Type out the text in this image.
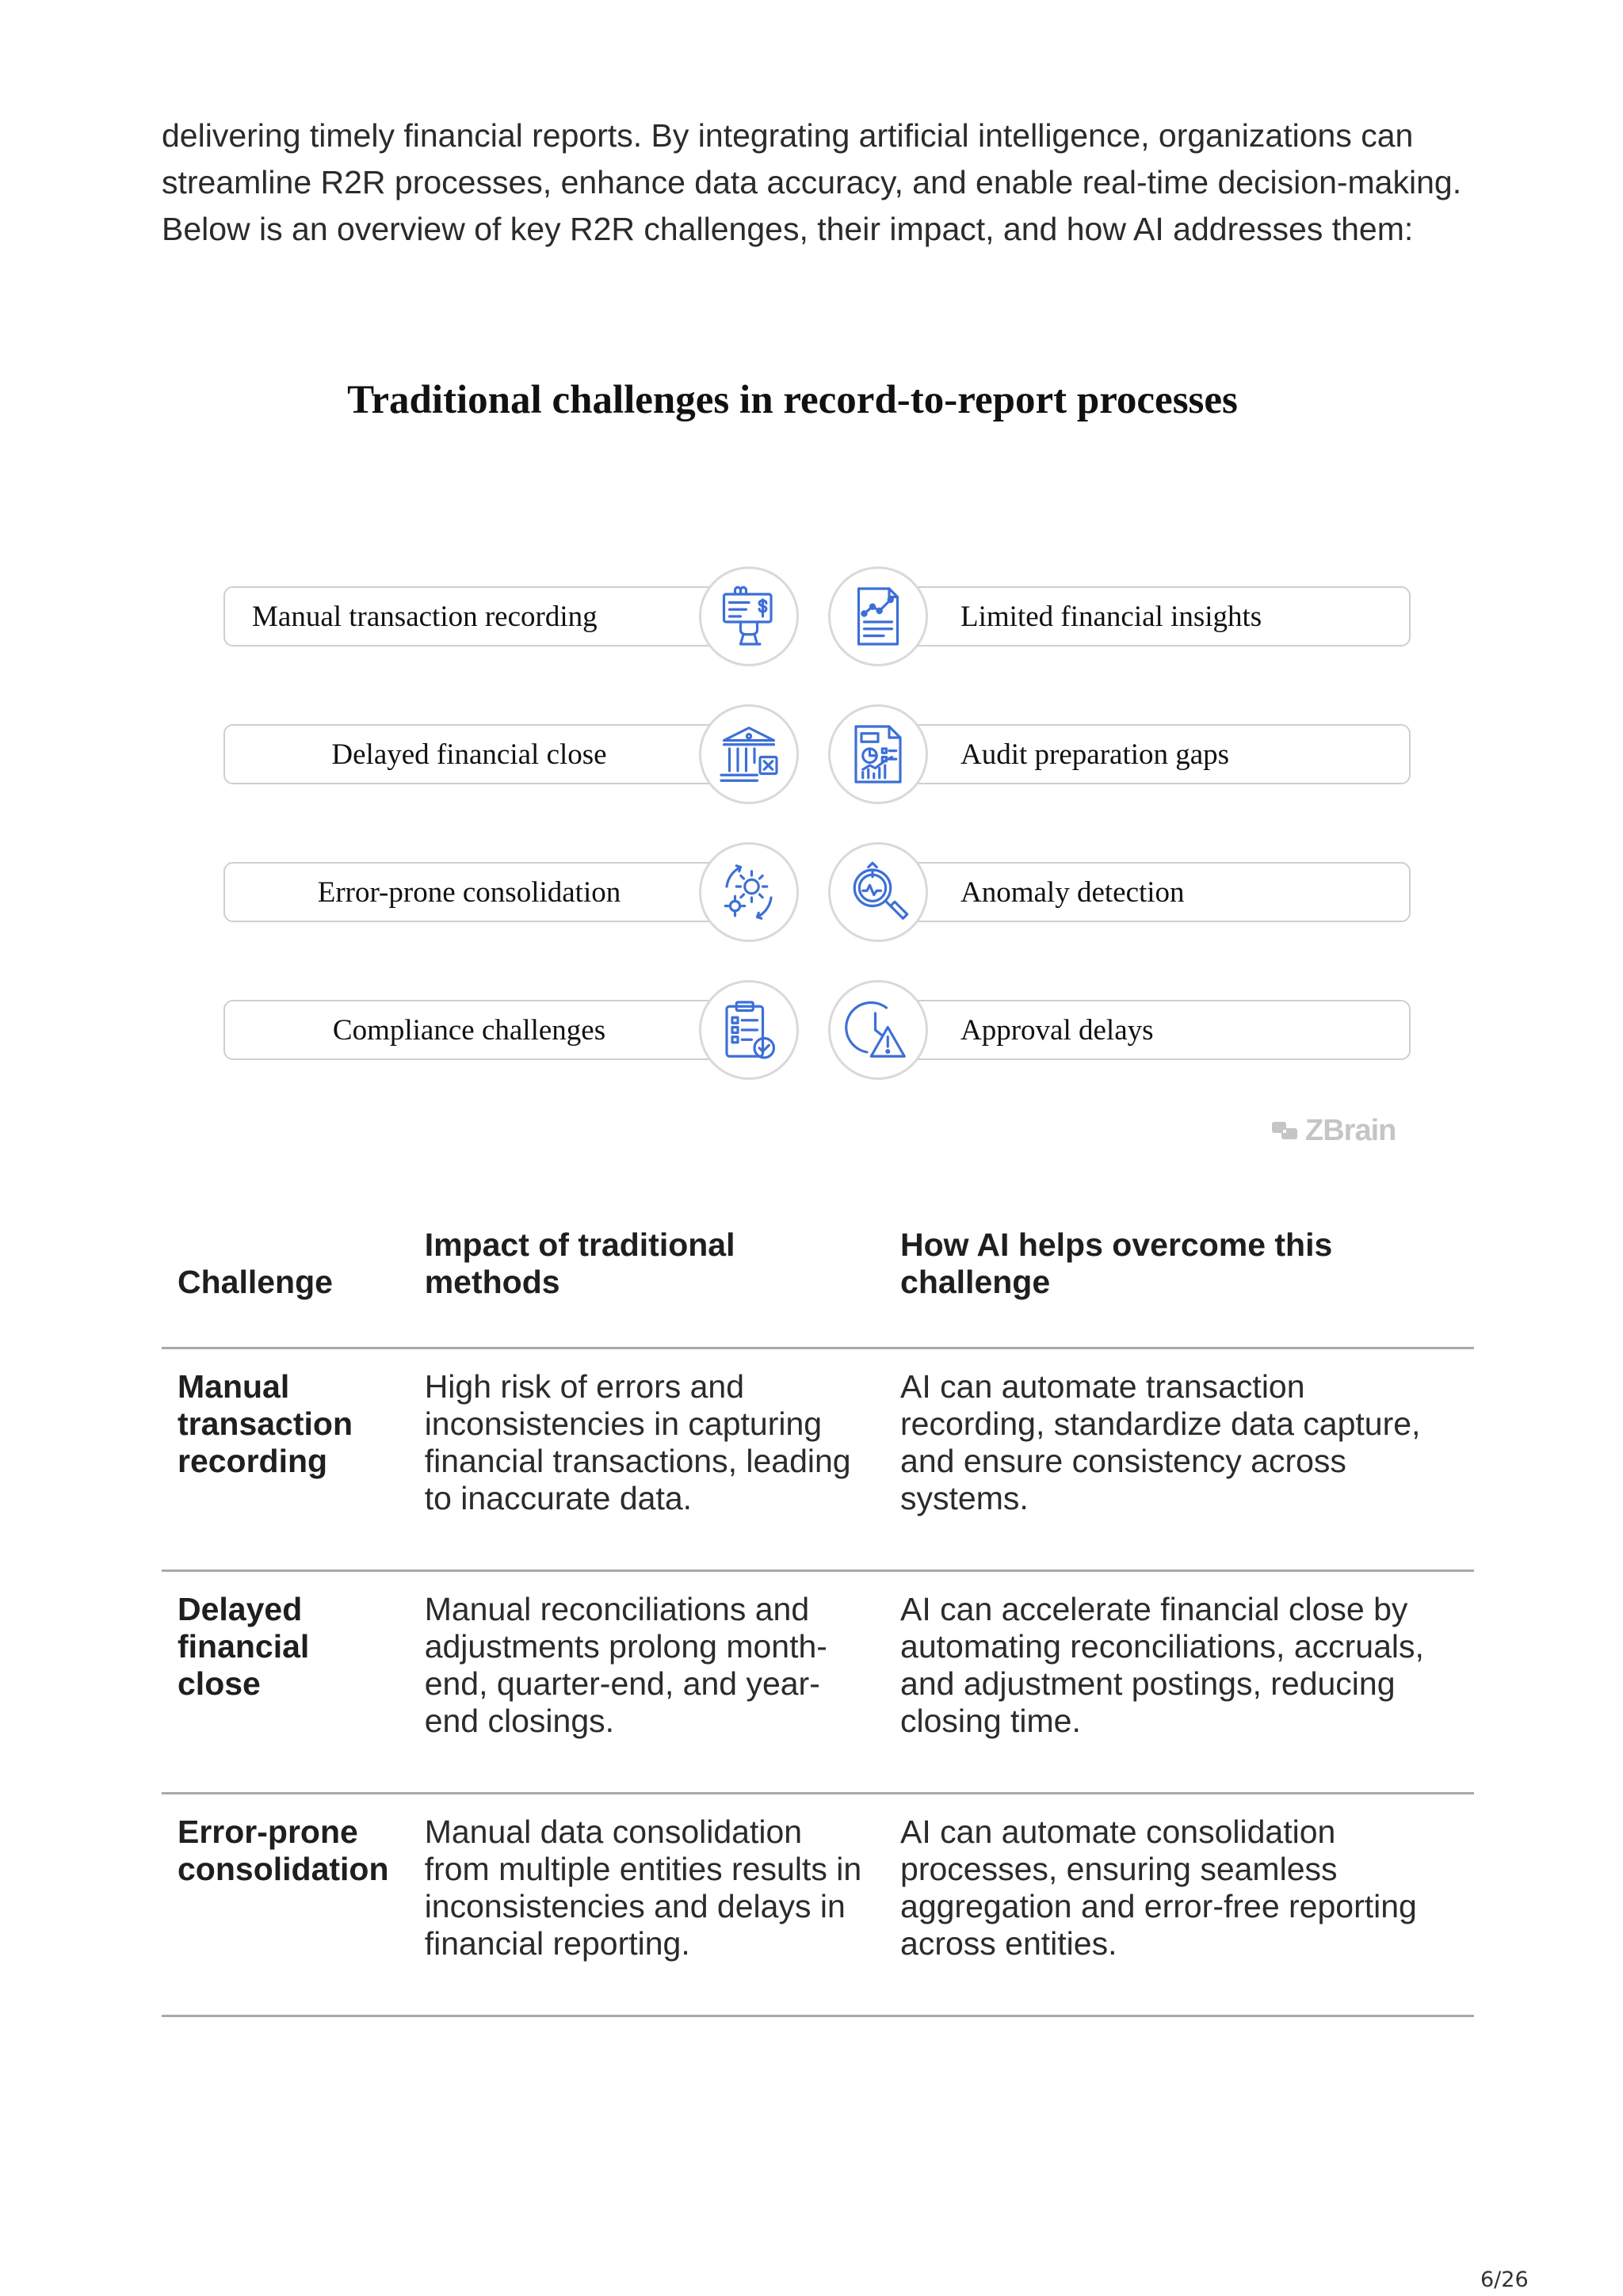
delivering timely financial reports. By integrating artificial intelligence, organizations can streamline R2R processes, enhance data accuracy, and enable real-time decision-making. Below is an overview of key R2R challenges, their impact, and how AI addresses them:

Traditional challenges in record-to-report processes
Manual transaction recording
Delayed financial close
Error-prone consolidation
Compliance challenges
Limited financial insights
Audit preparation gaps
Anomaly detection
Approval delays
ZBrain
Challenge	Impact of traditional methods	How AI helps overcome this challenge
Manual transaction recording	High risk of errors and inconsistencies in capturing financial transactions, leading to inaccurate data.	AI can automate transaction recording, standardize data capture, and ensure consistency across systems.
Delayed financial close	Manual reconciliations and adjustments prolong month-end, quarter-end, and year-end closings.	AI can accelerate financial close by automating reconciliations, accruals, and adjustment postings, reducing closing time.
Error-prone consolidation	Manual data consolidation from multiple entities results in inconsistencies and delays in financial reporting.	AI can automate consolidation processes, ensuring seamless aggregation and error-free reporting across entities.
6/26
